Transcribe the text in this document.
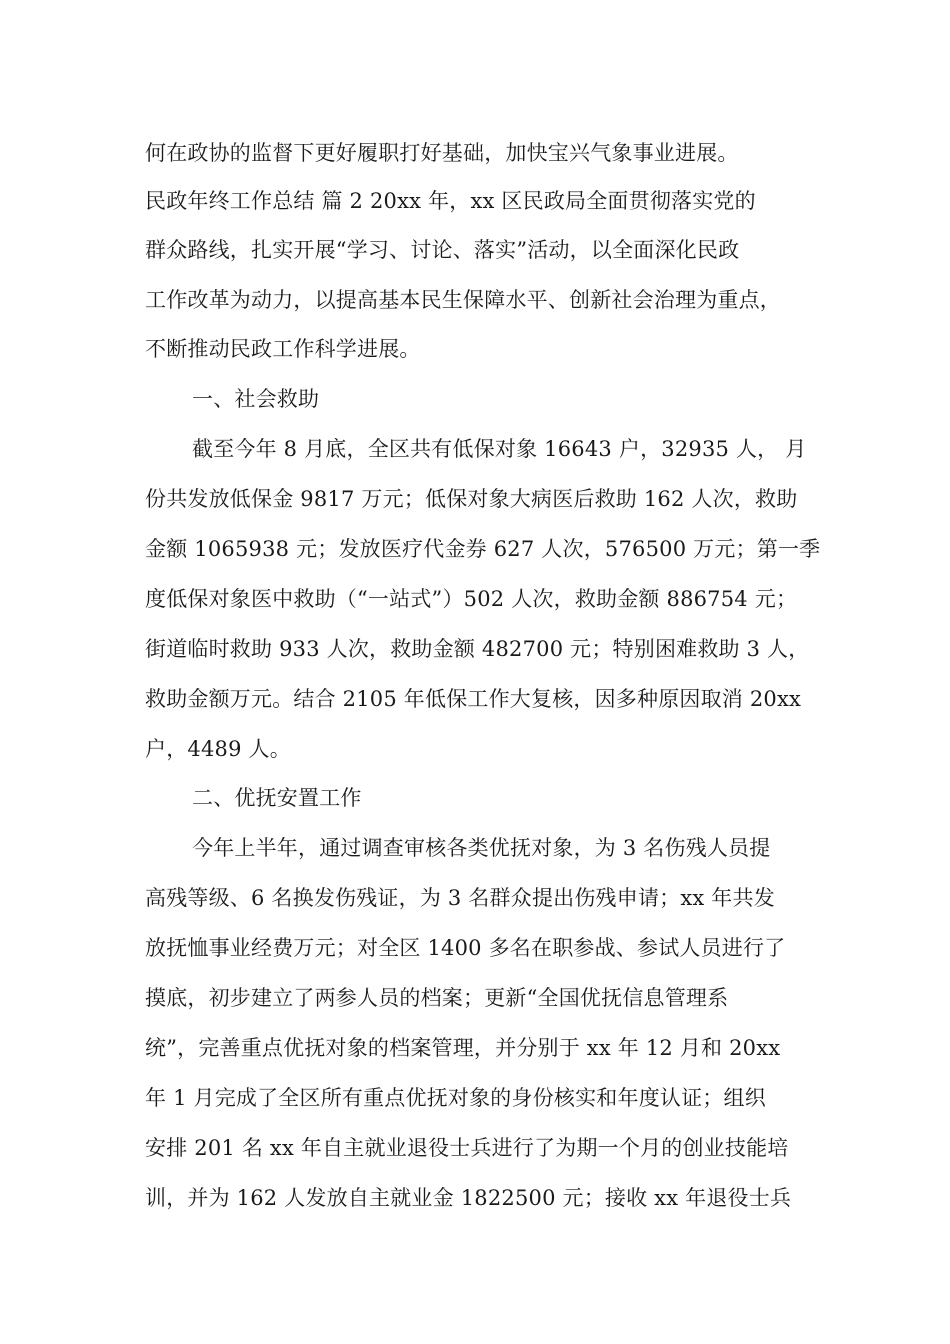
何在政协的监督下更好履职打好基础，加快宝兴气象事业进展。
民政年终工作总结 篇 2 20xx 年，xx 区民政局全面贯彻落实党的
群众路线，扎实开展“学习、讨论、落实”活动，以全面深化民政
工作改革为动力，以提高基本民生保障水平、创新社会治理为重点，
不断推动民政工作科学进展。
一、社会救助
截至今年 8 月底，全区共有低保对象 16643 户，32935 人， 月
份共发放低保金 9817 万元；低保对象大病医后救助 162 人次，救助
金额 1065938 元；发放医疗代金券 627 人次，576500 万元；第一季
度低保对象医中救助（“一站式”）502 人次，救助金额 886754 元；
街道临时救助 933 人次，救助金额 482700 元；特别困难救助 3 人，
救助金额万元。结合 2105 年低保工作大复核，因多种原因取消 20xx
户，4489 人。
二、优抚安置工作
今年上半年，通过调查审核各类优抚对象，为 3 名伤残人员提
高残等级、6 名换发伤残证，为 3 名群众提出伤残申请；xx 年共发
放抚恤事业经费万元；对全区 1400 多名在职参战、参试人员进行了
摸底，初步建立了两参人员的档案；更新“全国优抚信息管理系
统”，完善重点优抚对象的档案管理，并分别于 xx 年 12 月和 20xx
年 1 月完成了全区所有重点优抚对象的身份核实和年度认证；组织
安排 201 名 xx 年自主就业退役士兵进行了为期一个月的创业技能培
训，并为 162 人发放自主就业金 1822500 元；接收 xx 年退役士兵
